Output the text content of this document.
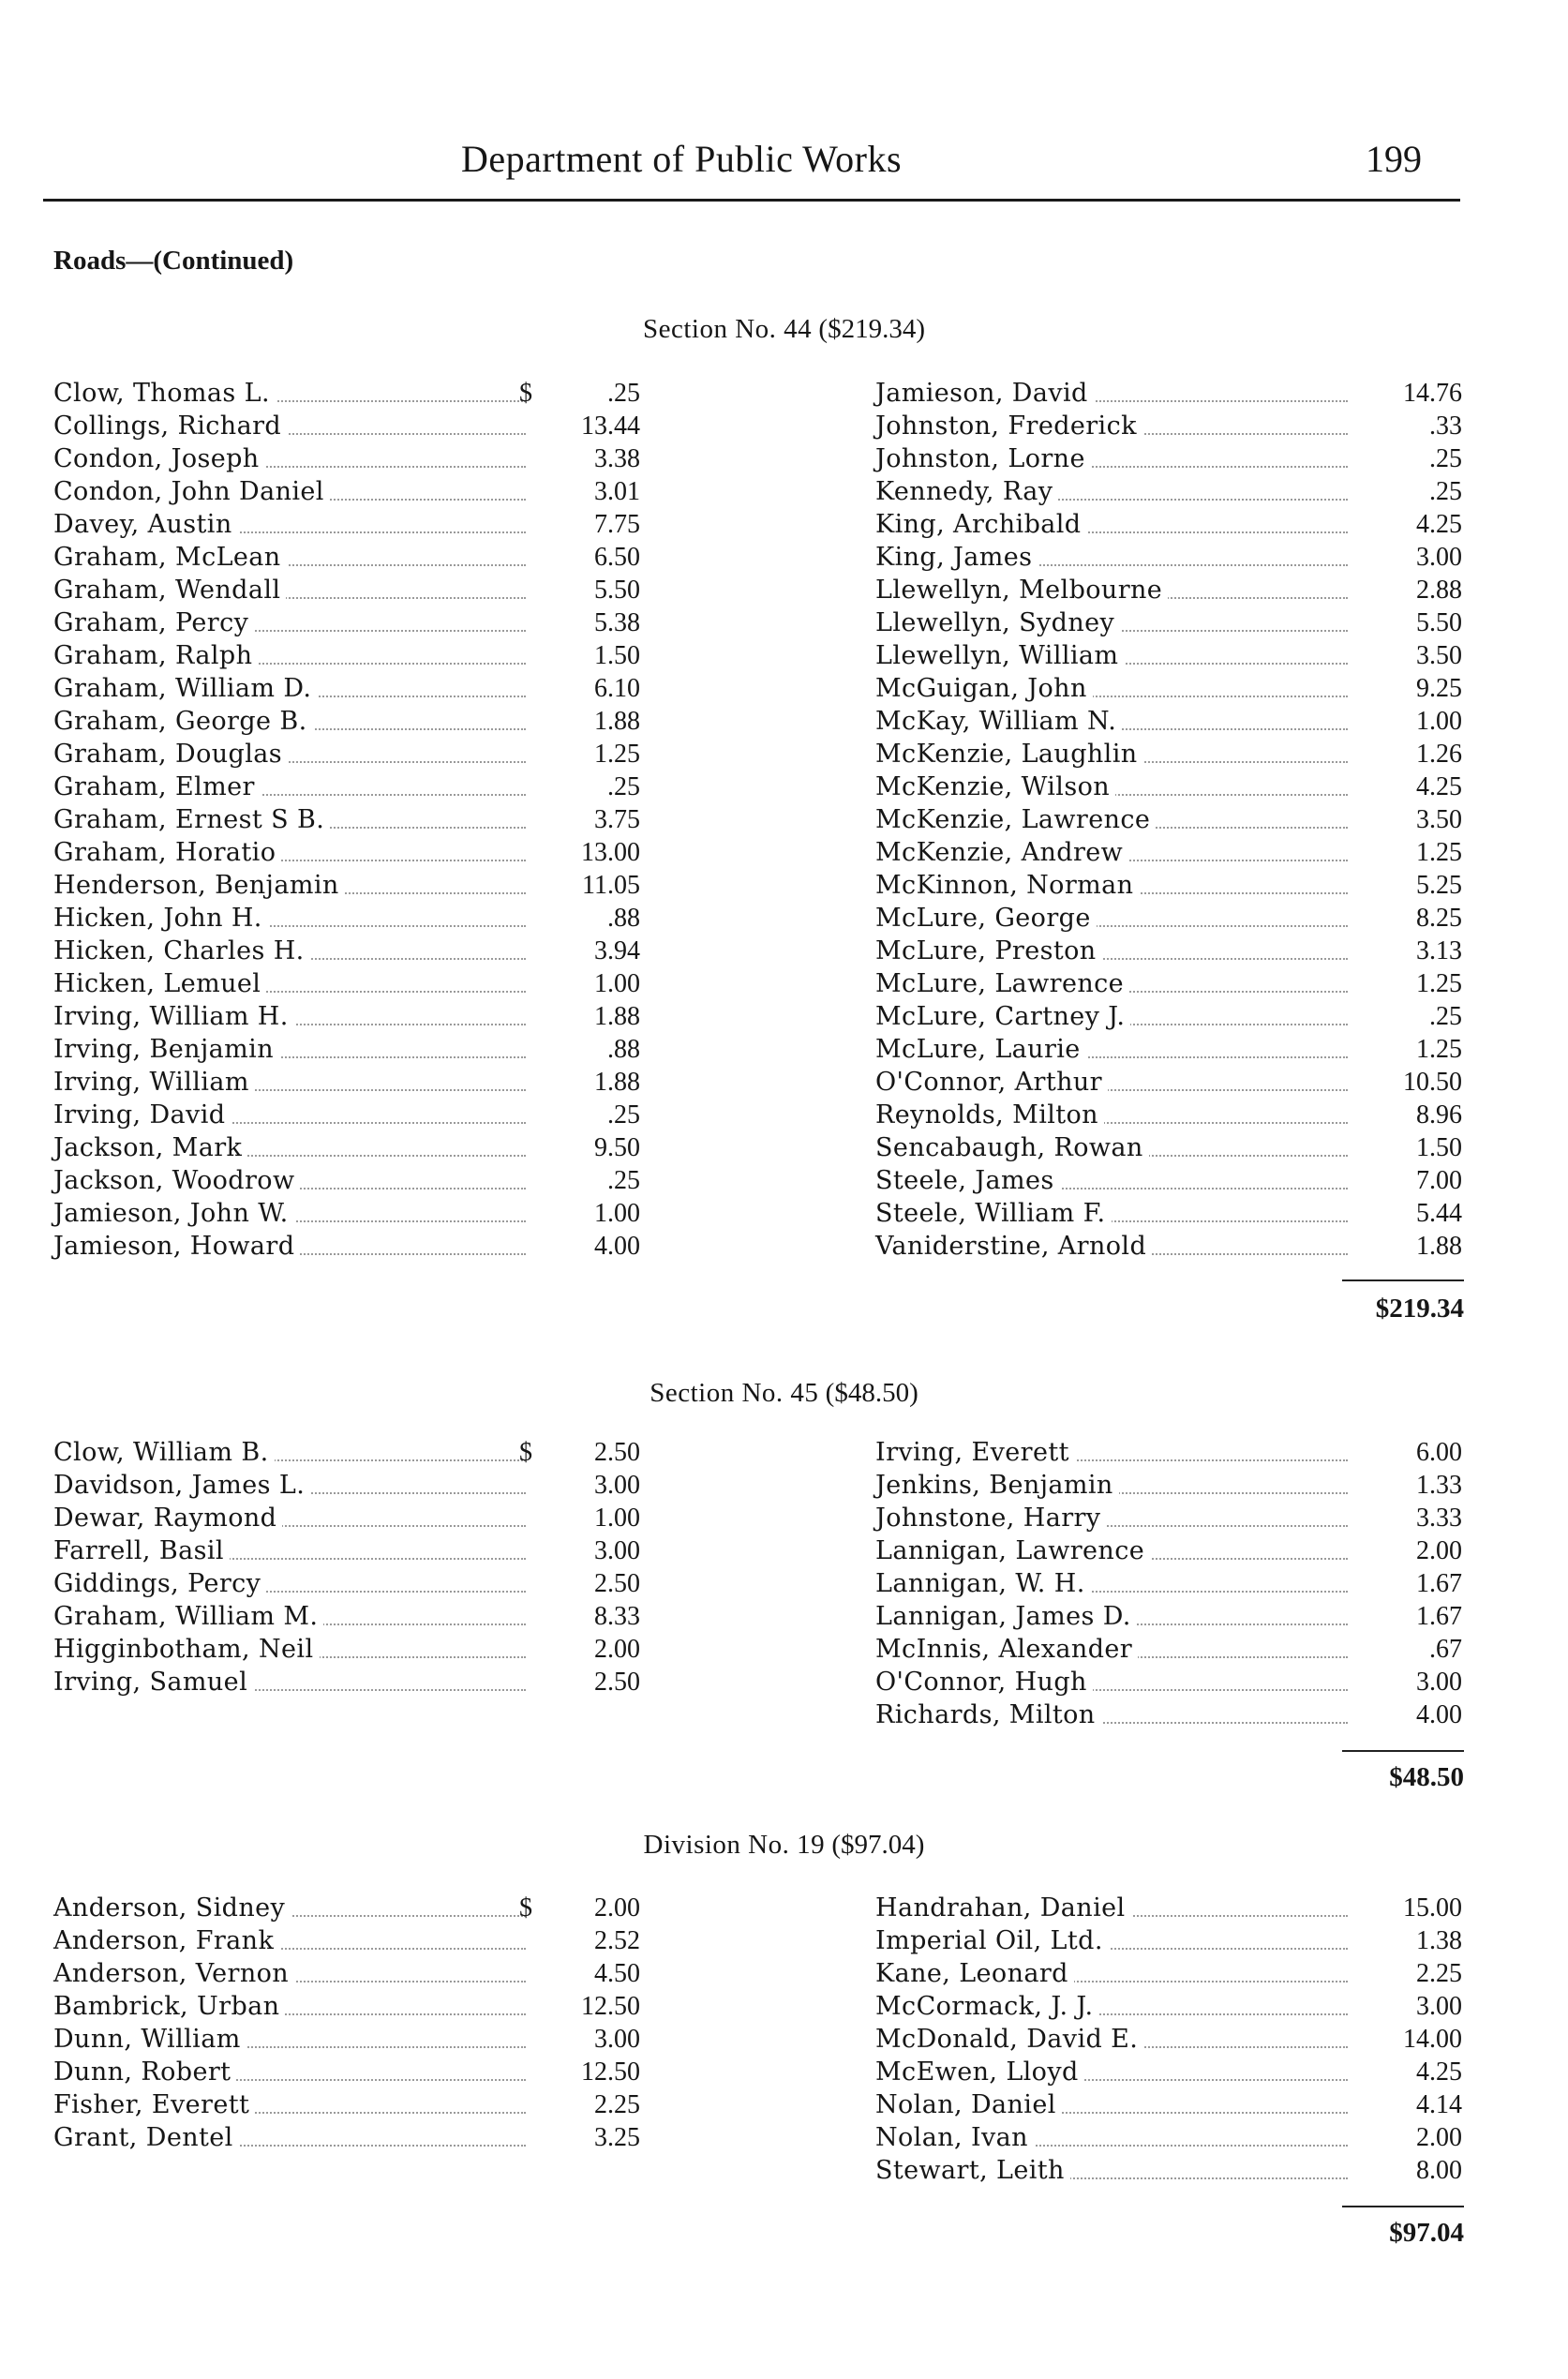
Department of Public Works	199
Roads—(Continued)
Section No. 44 ($219.34)
Clow, Thomas L.	$	.25
Collings, Richard	13.44
Condon, Joseph	3.38
Condon, John Daniel	3.01
Davey, Austin	7.75
Graham, McLean	6.50
Graham, Wendall	5.50
Graham, Percy	5.38
Graham, Ralph	1.50
Graham, William D.	6.10
Graham, George B.	1.88
Graham, Douglas	1.25
Graham, Elmer	.25
Graham, Ernest S B.	3.75
Graham, Horatio	13.00
Henderson, Benjamin	11.05
Hicken, John H.	.88
Hicken, Charles H.	3.94
Hicken, Lemuel	1.00
Irving, William H.	1.88
Irving, Benjamin	.88
Irving, William	1.88
Irving, David	.25
Jackson, Mark	9.50
Jackson, Woodrow	.25
Jamieson, John W.	1.00
Jamieson, Howard	4.00
Jamieson, David	14.76
Johnston, Frederick	.33
Johnston, Lorne	.25
Kennedy, Ray	.25
King, Archibald	4.25
King, James	3.00
Llewellyn, Melbourne	2.88
Llewellyn, Sydney	5.50
Llewellyn, William	3.50
McGuigan, John	9.25
McKay, William N.	1.00
McKenzie, Laughlin	1.26
McKenzie, Wilson	4.25
McKenzie, Lawrence	3.50
McKenzie, Andrew	1.25
McKinnon, Norman	5.25
McLure, George	8.25
McLure, Preston	3.13
McLure, Lawrence	1.25
McLure, Cartney J.	.25
McLure, Laurie	1.25
O'Connor, Arthur	10.50
Reynolds, Milton	8.96
Sencabaugh, Rowan	1.50
Steele, James	7.00
Steele, William F.	5.44
Vaniderstine, Arnold	1.88
$219.34
Section No. 45 ($48.50)
Clow, William B.	$ 2.50
Davidson, James L.	3.00
Dewar, Raymond	1.00
Farrell, Basil	3.00
Giddings, Percy	2.50
Graham, William M.	8.33
Higginbotham, Neil	2.00
Irving, Samuel	2.50
Irving, Everett	6.00
Jenkins, Benjamin	1.33
Johnstone, Harry	3.33
Lannigan, Lawrence	2.00
Lannigan, W. H.	1.67
Lannigan, James D.	1.67
McInnis, Alexander	.67
O'Connor, Hugh	3.00
Richards, Milton	4.00
$48.50
Division No. 19 ($97.04)
Anderson, Sidney	$ 2.00
Anderson, Frank	2.52
Anderson, Vernon	4.50
Bambrick, Urban	12.50
Dunn, William	3.00
Dunn, Robert	12.50
Fisher, Everett	2.25
Grant, Dentel	3.25
Handrahan, Daniel	15.00
Imperial Oil, Ltd.	1.38
Kane, Leonard	2.25
McCormack, J. J.	3.00
McDonald, David E.	14.00
McEwen, Lloyd	4.25
Nolan, Daniel	4.14
Nolan, Ivan	2.00
Stewart, Leith	8.00
$97.04
